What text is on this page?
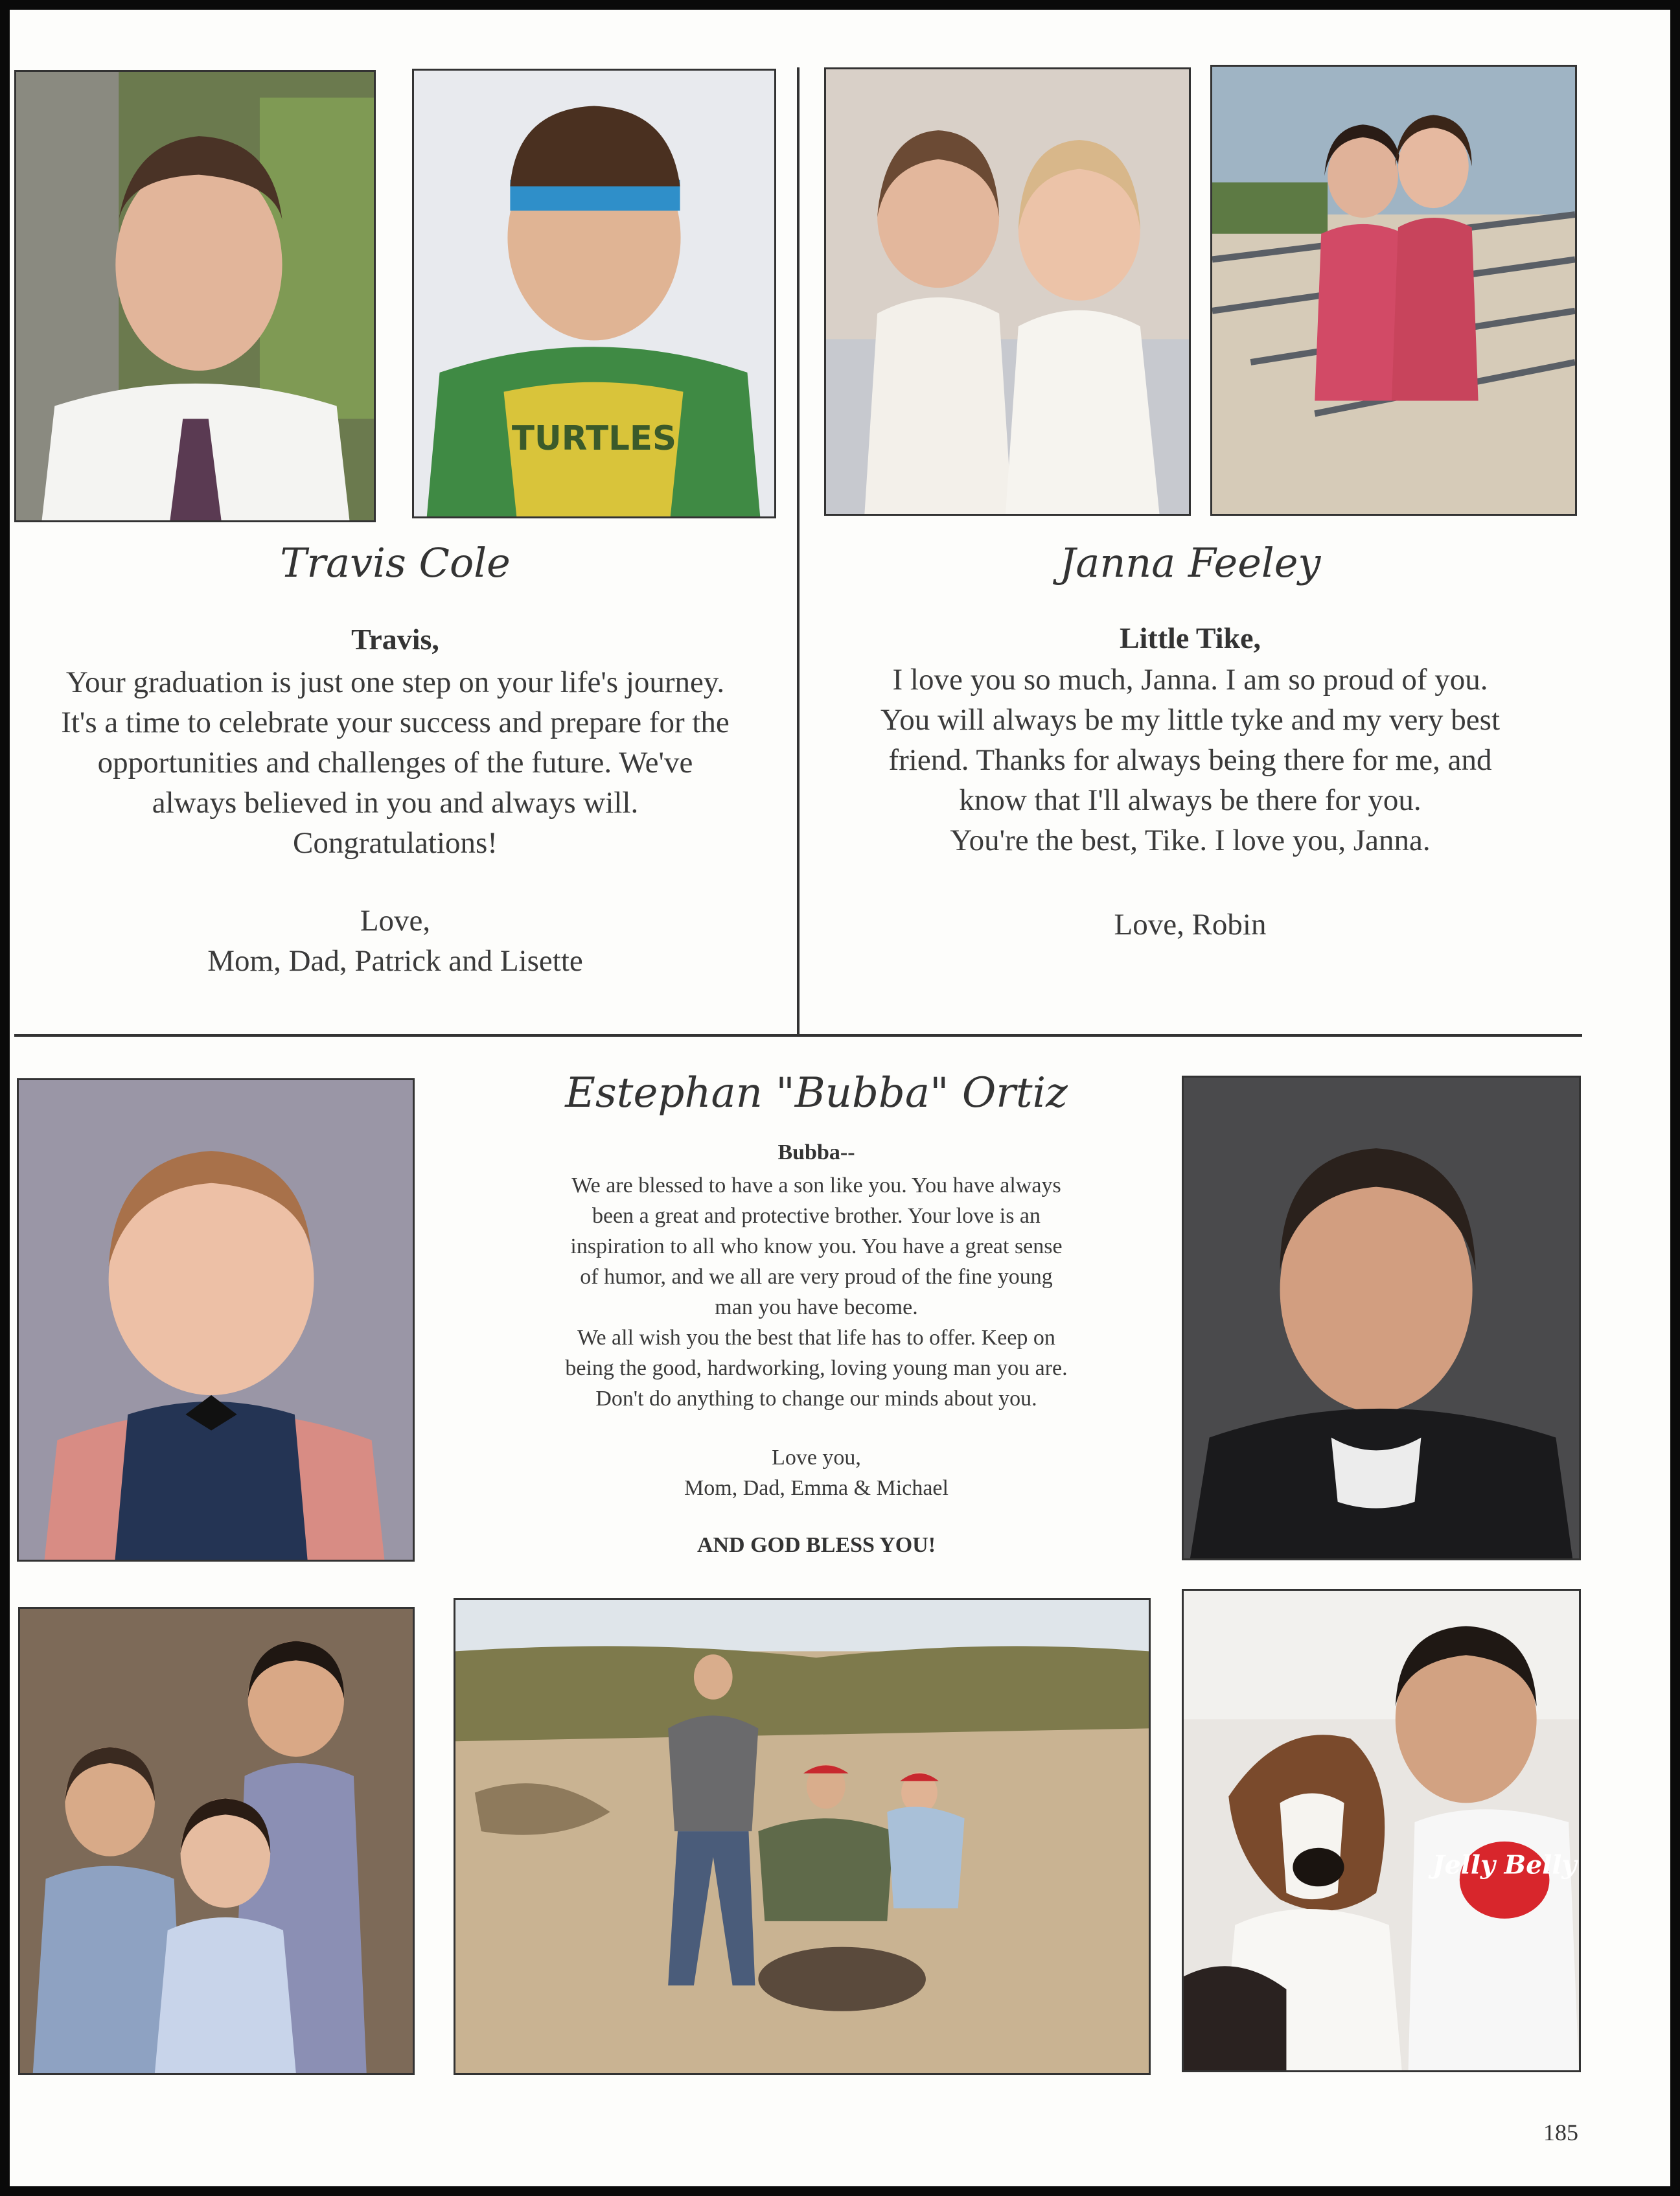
TURTLES
Travis Cole
Travis,
Your graduation is just one step on your life's journey.
It's a time to celebrate your success and prepare for the
opportunities and challenges of the future. We've
always believed in you and always will.
Congratulations!
Love,
Mom, Dad, Patrick and Lisette
Janna Feeley
Little Tike,
I love you so much, Janna. I am so proud of you.
You will always be my little tyke and my very best
friend. Thanks for always being there for me, and
know that I'll always be there for you.
You're the best, Tike. I love you, Janna.
Love, Robin
Estephan "Bubba" Ortiz
Bubba--
We are blessed to have a son like you. You have always
been a great and protective brother. Your love is an
inspiration to all who know you. You have a great sense
of humor, and we all are very proud of the fine young
man you have become.
We all wish you the best that life has to offer. Keep on
being the good, hardworking, loving young man you are.
Don't do anything to change our minds about you.
Love you,
Mom, Dad, Emma & Michael
AND GOD BLESS YOU!
Jelly Belly
185
